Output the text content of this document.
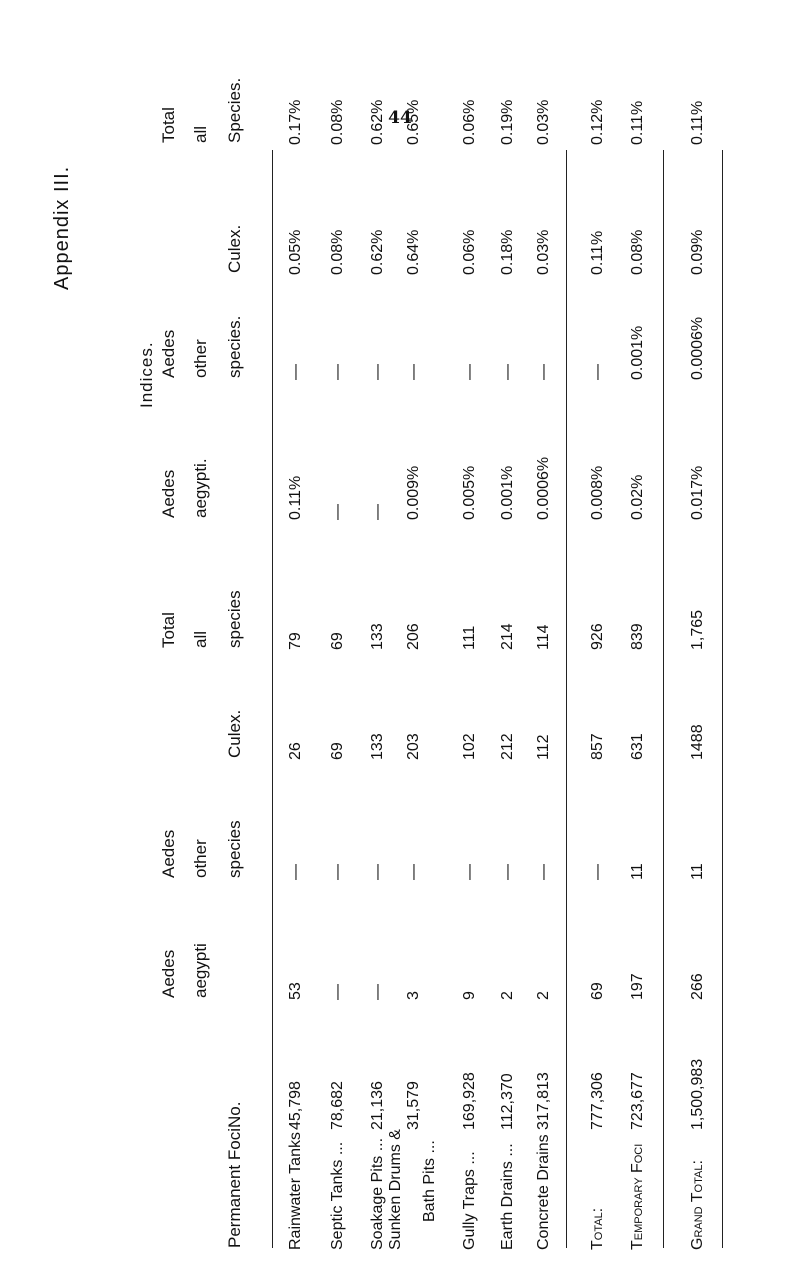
44
Appendix III.
Indices.
Permanent Foci.
No.
Aedes aegypti
Aedes other species
Culex.
Total all species
Aedes aegypti.
Aedes other species.
Culex.
Total all Species.
Rainwater Tanks
45,798
53
—
26
79
0.11%
—
0.05%
0.17%
Septic Tanks ...
78,682
—
—
69
69
—
—
0.08%
0.08%
Soakage Pits ...
21,136
—
—
133
133
—
—
0.62%
0.62%
Sunken Drums &
31,579
3
—
203
206
0.009%
—
0.64%
0.65%
Bath Pits ... Gully Traps ...
169,928
9
—
102
111
0.005%
—
0.06%
0.06%
Earth Drains ...
112,370
2
—
212
214
0.001%
—
0.18%
0.19%
Concrete Drains
317,813
2
—
112
114
0.0006%
—
0.03%
0.03%
Total:
777,306
69
—
857
926
0.008%
—
0.11%
0.12%
Temporary Foci
723,677
197
11
631
839
0.02%
0.001%
0.08%
0.11%
Grand Total:
1,500,983
266
11
1488
1,765
0.017%
0.0006%
0.09%
0.11%
